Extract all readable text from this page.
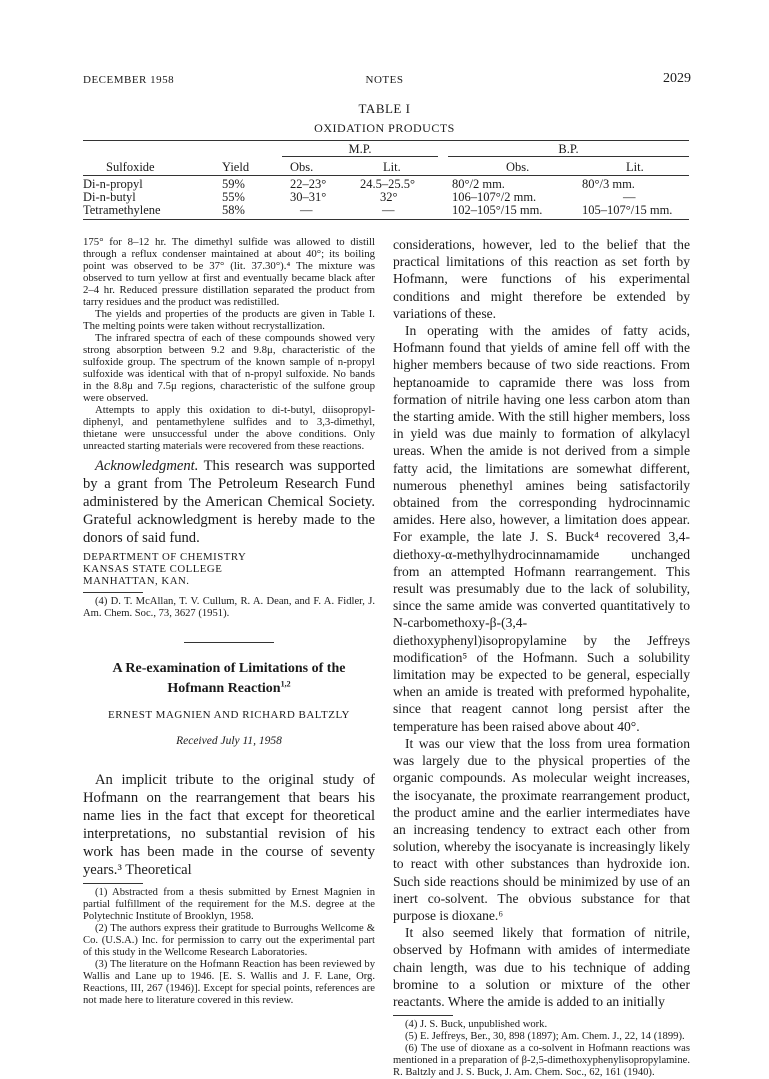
DECEMBER 1958	NOTES	2029
TABLE I
OXIDATION PRODUCTS
M.P.	B.P.
Sulfoxide	Yield	Obs.	Lit.	Obs.	Lit.
Di-n-propyl	59%	22–23°	24.5–25.5°	80°/2 mm.	80°/3 mm.
Di-n-butyl	55%	30–31°	32°	106–107°/2 mm.	—
Tetramethylene	58%	—	—	102–105°/15 mm.	105–107°/15 mm.

175° for 8–12 hr. The dimethyl sulfide was allowed to distill through a reflux condenser maintained at about 40°; its boiling point was observed to be 37° (lit. 37.30°).⁴ The mixture was observed to turn yellow at first and eventually became black after 2–4 hr. Reduced pressure distillation separated the product from tarry residues and the product was redistilled.

The yields and properties of the products are given in Table I. The melting points were taken without recrystallization.

The infrared spectra of each of these compounds showed very strong absorption between 9.2 and 9.8μ, characteristic of the sulfoxide group. The spectrum of the known sample of n-propyl sulfoxide was identical with that of n-propyl sulfoxide. No bands in the 8.8μ and 7.5μ regions, characteristic of the sulfone group were observed.

Attempts to apply this oxidation to di-t-butyl, diisopropyl-diphenyl, and pentamethylene sulfides and to 3,3-dimethyl, thietane were unsuccessful under the above conditions. Only unreacted starting materials were recovered from these reactions.

Acknowledgment. This research was supported by a grant from The Petroleum Research Fund administered by the American Chemical Society. Grateful acknowledgment is hereby made to the donors of said fund.

DEPARTMENT OF CHEMISTRY

KANSAS STATE COLLEGE

MANHATTAN, KAN.

(4) D. T. McAllan, T. V. Cullum, R. A. Dean, and F. A. Fidler, J. Am. Chem. Soc., 73, 3627 (1951).

A Re-examination of Limitations of the

Hofmann Reaction$^{1,2}$

ERNEST MAGNIEN AND RICHARD BALTZLY

Received July 11, 1958

An implicit tribute to the original study of Hofmann on the rearrangement that bears his name lies in the fact that except for theoretical interpretations, no substantial revision of his work has been made in the course of seventy years.³ Theoretical

(1) Abstracted from a thesis submitted by Ernest Magnien in partial fulfillment of the requirement for the M.S. degree at the Polytechnic Institute of Brooklyn, 1958.

(2) The authors express their gratitude to Burroughs Wellcome & Co. (U.S.A.) Inc. for permission to carry out the experimental part of this study in the Wellcome Research Laboratories.

(3) The literature on the Hofmann Reaction has been reviewed by Wallis and Lane up to 1946. [E. S. Wallis and J. F. Lane, Org. Reactions, III, 267 (1946)]. Except for special points, references are not made here to literature covered in this review.

considerations, however, led to the belief that the practical limitations of this reaction as set forth by Hofmann, were functions of his experimental conditions and might therefore be extended by variations of these.

In operating with the amides of fatty acids, Hofmann found that yields of amine fell off with the higher members because of two side reactions. From heptanoamide to capramide there was loss from formation of nitrile having one less carbon atom than the starting amide. With the still higher members, loss in yield was due mainly to formation of alkylacyl ureas. When the amide is not derived from a simple fatty acid, the limitations are somewhat different, numerous phenethyl amines being satisfactorily obtained from the corresponding hydrocinnamic amides. Here also, however, a limitation does appear. For example, the late J. S. Buck⁴ recovered 3,4-diethoxy-α-methylhydrocinnamamide unchanged from an attempted Hofmann rearrangement. This result was presumably due to the lack of solubility, since the same amide was converted quantitatively to N-carbomethoxy-β-(3,4-diethoxyphenyl)isopropylamine by the Jeffreys modification⁵ of the Hofmann. Such a solubility limitation may be expected to be general, especially when an amide is treated with preformed hypohalite, since that reagent cannot long persist after the temperature has been raised above about 40°.

It was our view that the loss from urea formation was largely due to the physical properties of the organic compounds. As molecular weight increases, the isocyanate, the proximate rearrangement product, the product amine and the earlier intermediates have an increasing tendency to extract each other from solution, whereby the isocyanate is increasingly likely to react with other substances than hydroxide ion. Such side reactions should be minimized by use of an inert co-solvent. The obvious substance for that purpose is dioxane.⁶

It also seemed likely that formation of nitrile, observed by Hofmann with amides of intermediate chain length, was due to his technique of adding bromine to a solution or mixture of the other reactants. Where the amide is added to an initially

(4) J. S. Buck, unpublished work.

(5) E. Jeffreys, Ber., 30, 898 (1897); Am. Chem. J., 22, 14 (1899).

(6) The use of dioxane as a co-solvent in Hofmann reactions was mentioned in a preparation of β-2,5-dimethoxyphenylisopropylamine. R. Baltzly and J. S. Buck, J. Am. Chem. Soc., 62, 161 (1940).
